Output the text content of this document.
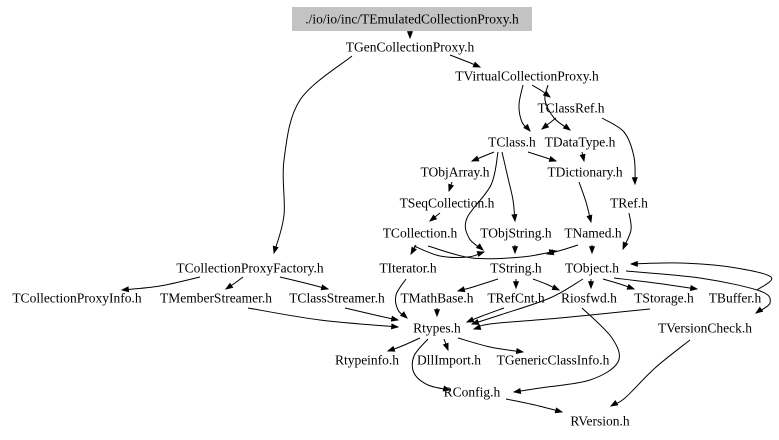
./io/io/inc/TEmulatedCollectionProxy.h
TGenCollectionProxy.h
TVirtualCollectionProxy.h
TClassRef.h
TClass.h TDataType.h
TObjArray.h	TDictionary.h
TSeqCollection.h	TRef.h
TCollection.h TObjString.h TNamed.h
TCollectionProxyFactory.h	TIterator.h	TString.h TObject.h
TCollectionProxyInfo.h TMemberStreamer.h TClassStreamer.h TMathBase.h TRefCnt.h Riosfwd.h TStorage.h TBuffer.h
Rtypes.h	TVersionCheck.h
Rtypeinfo.h DllImport.h TGenericClassInfo.h
RConfig.h
RVersion.h
